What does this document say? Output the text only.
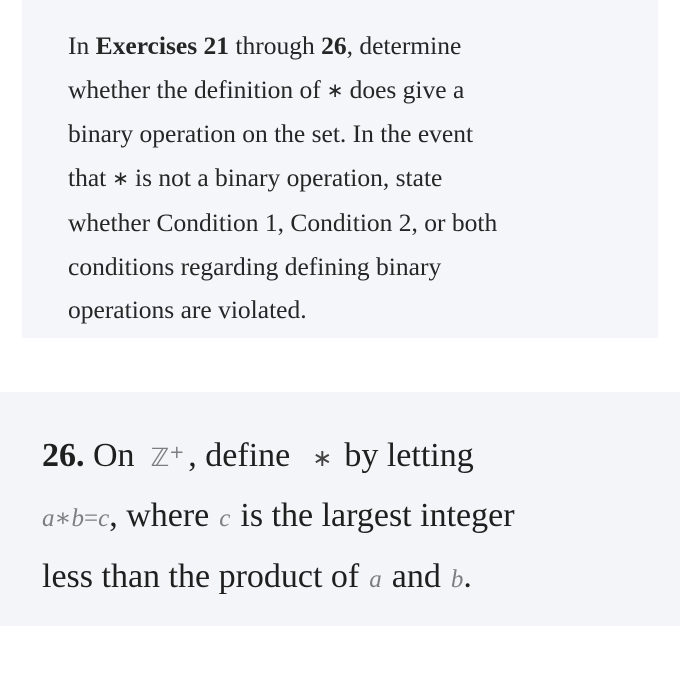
In Exercises 21 through 26, determine
whether the definition of ∗ does give a
binary operation on the set. In the event
that ∗ is not a binary operation, state
whether Condition 1, Condition 2, or both
conditions regarding defining binary
operations are violated.

26. On ℤ+ , define ∗ by letting
a∗b=c, where c is the largest integer
less than the product of a and b.
